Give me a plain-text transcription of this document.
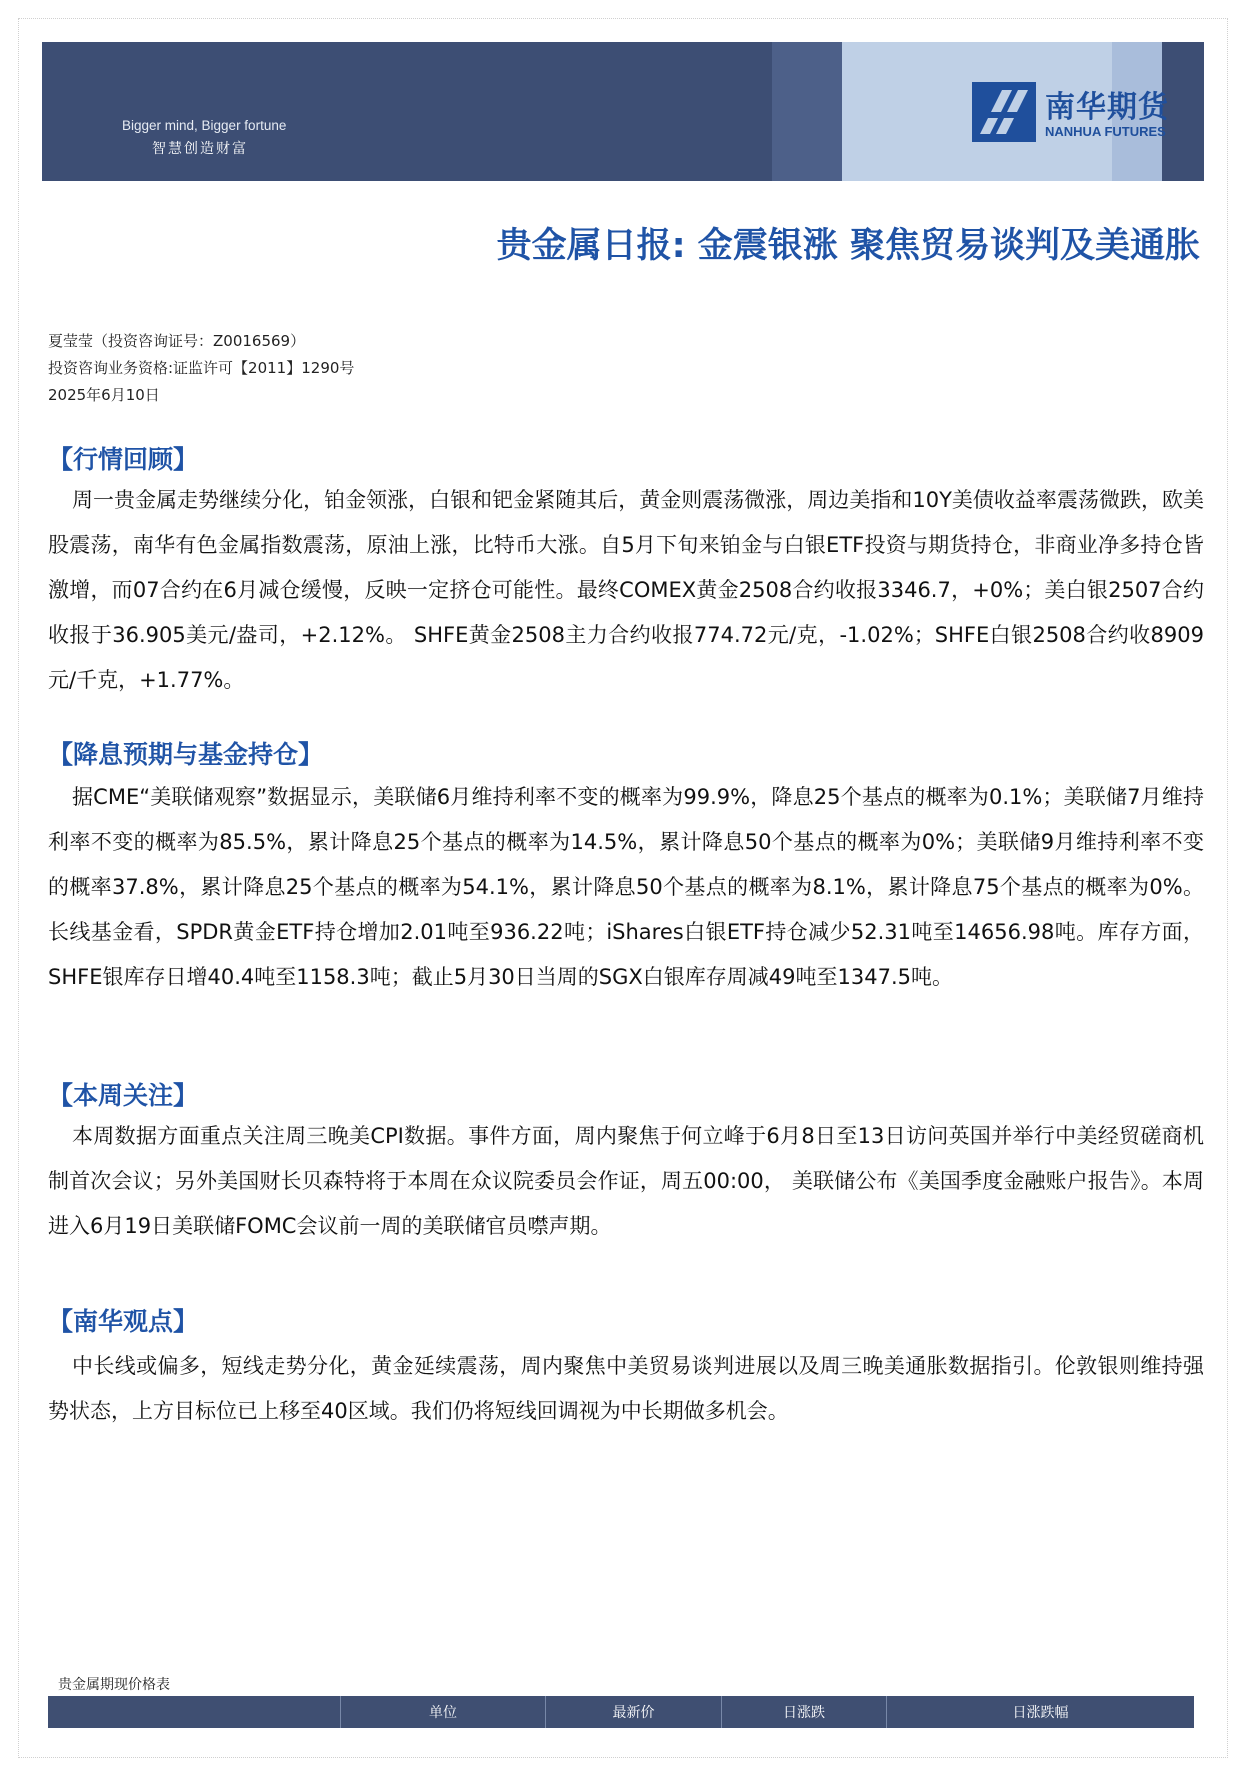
Bigger mind, Bigger fortune
智慧创造财富
南华期货
NANHUA FUTURES
贵金属日报: 金震银涨 聚焦贸易谈判及美通胀
夏莹莹（投资咨询证号：Z0016569）
投资咨询业务资格:证监许可【2011】1290号
2025年6月10日
【行情回顾】

周一贵金属走势继续分化，铂金领涨，白银和钯金紧随其后，黄金则震荡微涨，周边美指和10Y美债收益率震荡微跌，欧美股震荡，南华有色金属指数震荡，原油上涨，比特币大涨。自5月下旬来铂金与白银ETF投资与期货持仓，非商业净多持仓皆激增，而07合约在6月减仓缓慢，反映一定挤仓可能性。最终COMEX黄金2508合约收报3346.7，+0%；美白银2507合约收报于36.905美元/盎司，+2.12%。 SHFE黄金2508主力合约收报774.72元/克，-1.02%；SHFE白银2508合约收8909元/千克，+1.77%。

【降息预期与基金持仓】

据CME“美联储观察”数据显示，美联储6月维持利率不变的概率为99.9%，降息25个基点的概率为0.1%；美联储7月维持利率不变的概率为85.5%，累计降息25个基点的概率为14.5%，累计降息50个基点的概率为0%；美联储9月维持利率不变的概率37.8%，累计降息25个基点的概率为54.1%，累计降息50个基点的概率为8.1%，累计降息75个基点的概率为0%。长线基金看，SPDR黄金ETF持仓增加2.01吨至936.22吨；iShares白银ETF持仓减少52.31吨至14656.98吨。库存方面，SHFE银库存日增40.4吨至1158.3吨；截止5月30日当周的SGX白银库存周减49吨至1347.5吨。

【本周关注】

本周数据方面重点关注周三晚美CPI数据。事件方面，周内聚焦于何立峰于6月8日至13日访问英国并举行中美经贸磋商机制首次会议；另外美国财长贝森特将于本周在众议院委员会作证，周五00:00， 美联储公布《美国季度金融账户报告》。本周进入6月19日美联储FOMC会议前一周的美联储官员噤声期。

【南华观点】

中长线或偏多，短线走势分化，黄金延续震荡，周内聚焦中美贸易谈判进展以及周三晚美通胀数据指引。伦敦银则维持强势状态，上方目标位已上移至40区域。我们仍将短线回调视为中长期做多机会。

贵金属期现价格表
单位	最新价	日涨跌	日涨跌幅
